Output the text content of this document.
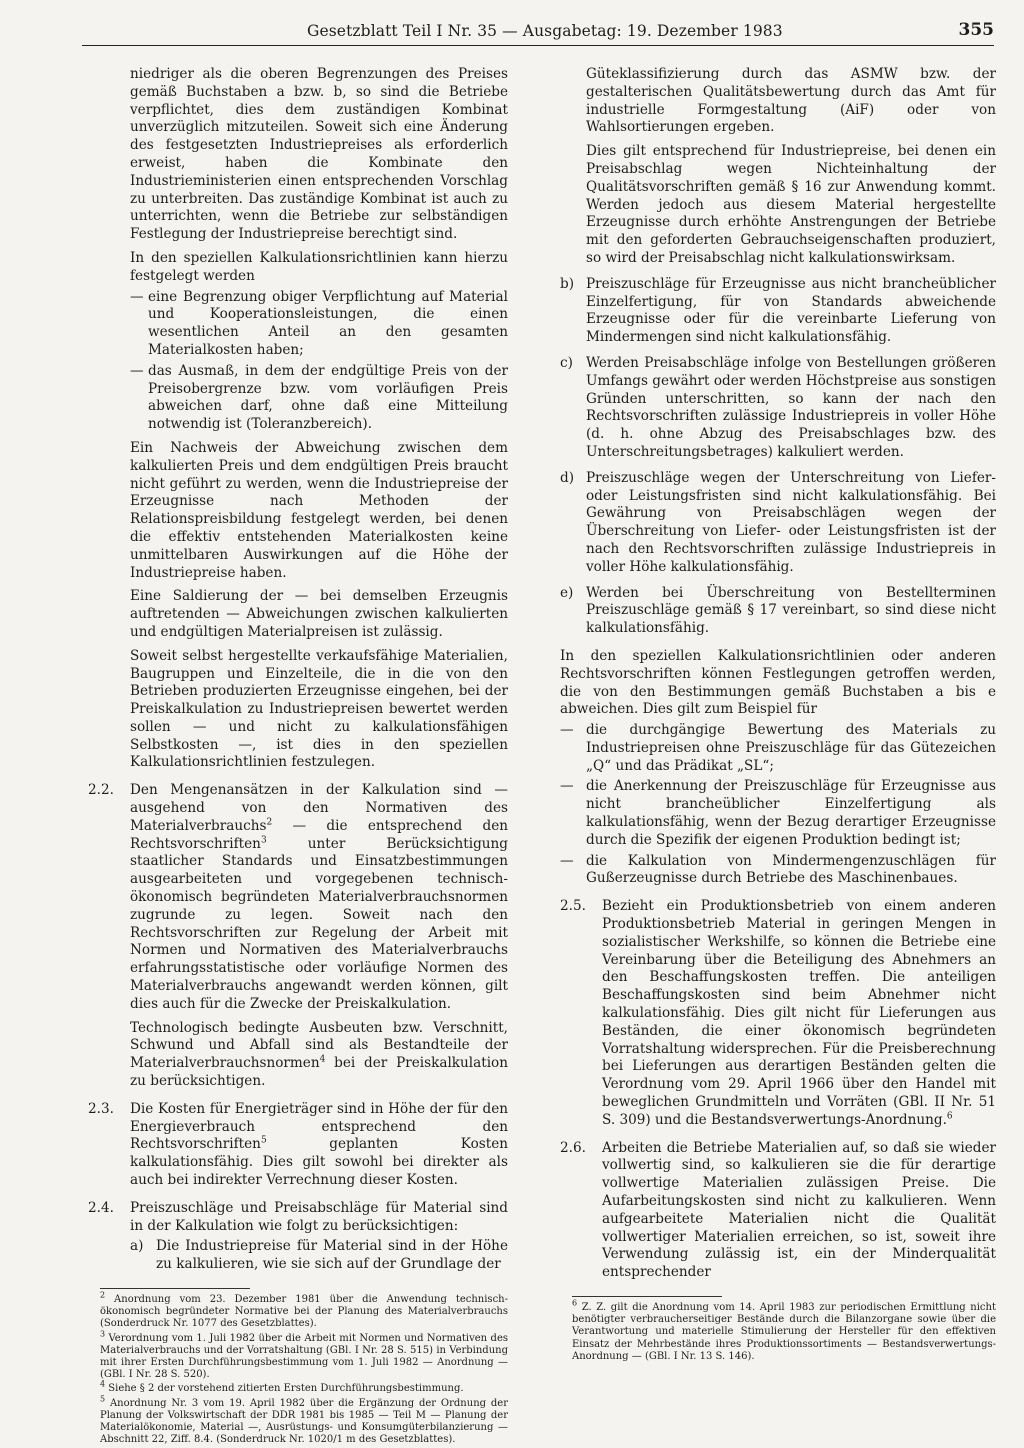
Gesetzblatt Teil I Nr. 35 — Ausgabetag: 19. Dezember 1983	355

niedriger als die oberen Begrenzungen des Preises gemäß Buchstaben a bzw. b, so sind die Betriebe verpflichtet, dies dem zuständigen Kombinat unverzüglich mitzuteilen. Soweit sich eine Änderung des festgesetzten Industriepreises als erforderlich erweist, haben die Kombinate den Industrieministerien einen entsprechenden Vorschlag zu unterbreiten. Das zuständige Kombinat ist auch zu unterrichten, wenn die Betriebe zur selbständigen Festlegung der Industriepreise berechtigt sind.

In den speziellen Kalkulationsrichtlinien kann hierzu festgelegt werden

— eine Begrenzung obiger Verpflichtung auf Material und Kooperationsleistungen, die einen wesentlichen Anteil an den gesamten Materialkosten haben;
— das Ausmaß, in dem der endgültige Preis von der Preisobergrenze bzw. vom vorläufigen Preis abweichen darf, ohne daß eine Mitteilung notwendig ist (Toleranzbereich).

Ein Nachweis der Abweichung zwischen dem kalkulierten Preis und dem endgültigen Preis braucht nicht geführt zu werden, wenn die Industriepreise der Erzeugnisse nach Methoden der Relationspreisbildung festgelegt werden, bei denen die effektiv entstehenden Materialkosten keine unmittelbaren Auswirkungen auf die Höhe der Industriepreise haben.

Eine Saldierung der — bei demselben Erzeugnis auftretenden — Abweichungen zwischen kalkulierten und endgültigen Materialpreisen ist zulässig.

Soweit selbst hergestellte verkaufsfähige Materialien, Baugruppen und Einzelteile, die in die von den Betrieben produzierten Erzeugnisse eingehen, bei der Preiskalkulation zu Industriepreisen bewertet werden sollen — und nicht zu kalkulationsfähigen Selbstkosten —, ist dies in den speziellen Kalkulationsrichtlinien festzulegen.

2.2. Den Mengenansätzen in der Kalkulation sind — ausgehend von den Normativen des Materialverbrauchs$^2$ — die entsprechend den Rechtsvorschriften$^3$ unter Berücksichtigung staatlicher Standards und Einsatzbestimmungen ausgearbeiteten und vorgegebenen technisch-ökonomisch begründeten Materialverbrauchsnormen zugrunde zu legen. Soweit nach den Rechtsvorschriften zur Regelung der Arbeit mit Normen und Normativen des Materialverbrauchs erfahrungsstatistische oder vorläufige Normen des Materialverbrauchs angewandt werden können, gilt dies auch für die Zwecke der Preiskalkulation.

Technologisch bedingte Ausbeuten bzw. Verschnitt, Schwund und Abfall sind als Bestandteile der Materialverbrauchsnormen$^4$ bei der Preiskalkulation zu berücksichtigen.

2.3. Die Kosten für Energieträger sind in Höhe der für den Energieverbrauch entsprechend den Rechtsvorschriften$^5$ geplanten Kosten kalkulationsfähig. Dies gilt sowohl bei direkter als auch bei indirekter Verrechnung dieser Kosten.

2.4. Preiszuschläge und Preisabschläge für Material sind in der Kalkulation wie folgt zu berücksichtigen:

a) Die Industriepreise für Material sind in der Höhe zu kalkulieren, wie sie sich auf der Grundlage der

$^2$ Anordnung vom 23. Dezember 1981 über die Anwendung technisch-ökonomisch begründeter Normative bei der Planung des Materialverbrauchs (Sonderdruck Nr. 1077 des Gesetzblattes).

$^3$ Verordnung vom 1. Juli 1982 über die Arbeit mit Normen und Normativen des Materialverbrauchs und der Vorratshaltung (GBl. I Nr. 28 S. 515) in Verbindung mit ihrer Ersten Durchführungsbestimmung vom 1. Juli 1982 — Anordnung — (GBl. I Nr. 28 S. 520).

$^4$ Siehe § 2 der vorstehend zitierten Ersten Durchführungsbestimmung.

$^5$ Anordnung Nr. 3 vom 19. April 1982 über die Ergänzung der Ordnung der Planung der Volkswirtschaft der DDR 1981 bis 1985 — Teil M — Planung der Materialökonomie, Material —, Ausrüstungs- und Konsumgüterbilanzierung — Abschnitt 22, Ziff. 8.4. (Sonderdruck Nr. 1020/1 m des Gesetzblattes).

Güteklassifizierung durch das ASMW bzw. der gestalterischen Qualitätsbewertung durch das Amt für industrielle Formgestaltung (AiF) oder von Wahlsortierungen ergeben.

Dies gilt entsprechend für Industriepreise, bei denen ein Preisabschlag wegen Nichteinhaltung der Qualitätsvorschriften gemäß § 16 zur Anwendung kommt. Werden jedoch aus diesem Material hergestellte Erzeugnisse durch erhöhte Anstrengungen der Betriebe mit den geforderten Gebrauchseigenschaften produziert, so wird der Preisabschlag nicht kalkulationswirksam.

b) Preiszuschläge für Erzeugnisse aus nicht brancheüblicher Einzelfertigung, für von Standards abweichende Erzeugnisse oder für die vereinbarte Lieferung von Mindermengen sind nicht kalkulationsfähig.
c) Werden Preisabschläge infolge von Bestellungen größeren Umfangs gewährt oder werden Höchstpreise aus sonstigen Gründen unterschritten, so kann der nach den Rechtsvorschriften zulässige Industriepreis in voller Höhe (d. h. ohne Abzug des Preisabschlages bzw. des Unterschreitungsbetrages) kalkuliert werden.
d) Preiszuschläge wegen der Unterschreitung von Liefer- oder Leistungsfristen sind nicht kalkulationsfähig. Bei Gewährung von Preisabschlägen wegen der Überschreitung von Liefer- oder Leistungsfristen ist der nach den Rechtsvorschriften zulässige Industriepreis in voller Höhe kalkulationsfähig.
e) Werden bei Überschreitung von Bestellterminen Preiszuschläge gemäß § 17 vereinbart, so sind diese nicht kalkulationsfähig.

In den speziellen Kalkulationsrichtlinien oder anderen Rechtsvorschriften können Festlegungen getroffen werden, die von den Bestimmungen gemäß Buchstaben a bis e abweichen. Dies gilt zum Beispiel für

— die durchgängige Bewertung des Materials zu Industriepreisen ohne Preiszuschläge für das Gütezeichen „Q“ und das Prädikat „SL“;
— die Anerkennung der Preiszuschläge für Erzeugnisse aus nicht brancheüblicher Einzelfertigung als kalkulationsfähig, wenn der Bezug derartiger Erzeugnisse durch die Spezifik der eigenen Produktion bedingt ist;
— die Kalkulation von Mindermengenzuschlägen für Gußerzeugnisse durch Betriebe des Maschinenbaues.
2.5. Bezieht ein Produktionsbetrieb von einem anderen Produktionsbetrieb Material in geringen Mengen in sozialistischer Werkshilfe, so können die Betriebe eine Vereinbarung über die Beteiligung des Abnehmers an den Beschaffungskosten treffen. Die anteiligen Beschaffungskosten sind beim Abnehmer nicht kalkulationsfähig. Dies gilt nicht für Lieferungen aus Beständen, die einer ökonomisch begründeten Vorratshaltung widersprechen. Für die Preisberechnung bei Lieferungen aus derartigen Beständen gelten die Verordnung vom 29. April 1966 über den Handel mit beweglichen Grundmitteln und Vorräten (GBl. II Nr. 51 S. 309) und die Bestandsverwertungs-Anordnung.$^6$

2.6. Arbeiten die Betriebe Materialien auf, so daß sie wieder vollwertig sind, so kalkulieren sie die für derartige vollwertige Materialien zulässigen Preise. Die Aufarbeitungskosten sind nicht zu kalkulieren. Wenn aufgearbeitete Materialien nicht die Qualität vollwertiger Materialien erreichen, so ist, soweit ihre Verwendung zulässig ist, ein der Minderqualität entsprechender

$^6$ Z. Z. gilt die Anordnung vom 14. April 1983 zur periodischen Ermittlung nicht benötigter verbraucherseitiger Bestände durch die Bilanzorgane sowie über die Verantwortung und materielle Stimulierung der Hersteller für den effektiven Einsatz der Mehrbestände ihres Produktionssortiments — Bestandsverwertungs-Anordnung — (GBl. I Nr. 13 S. 146).
